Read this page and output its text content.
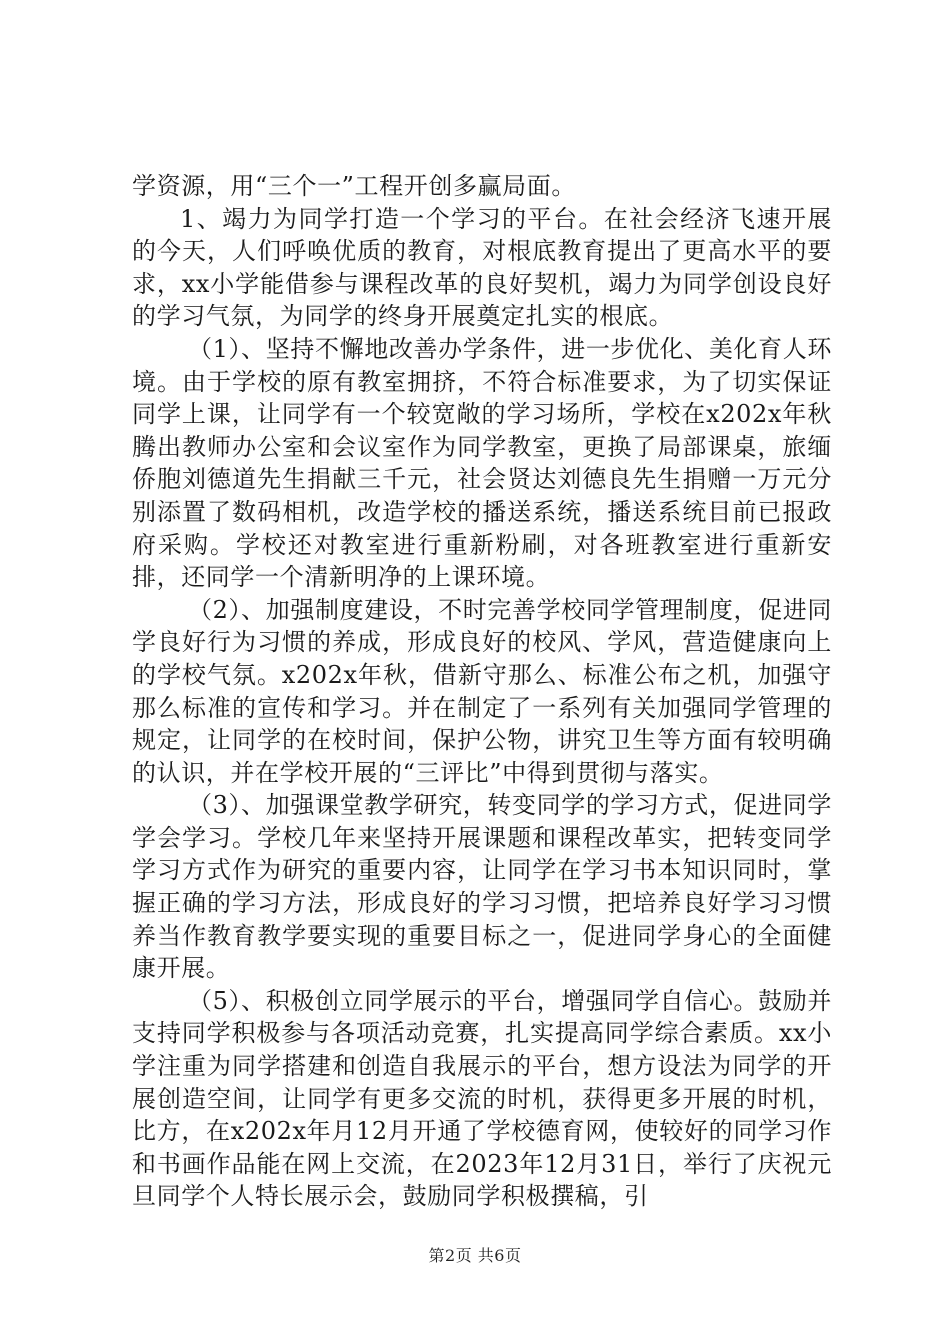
学资源，用“三个一”工程开创多赢局面。

1、竭力为同学打造一个学习的平台。在社会经济飞速开展的今天，人们呼唤优质的教育，对根底教育提出了更高水平的要求，xx小学能借参与课程改革的良好契机，竭力为同学创设良好的学习气氛，为同学的终身开展奠定扎实的根底。

（1）、坚持不懈地改善办学条件，进一步优化、美化育人环境。由于学校的原有教室拥挤，不符合标准要求，为了切实保证同学上课，让同学有一个较宽敞的学习场所，学校在x202x年秋腾出教师办公室和会议室作为同学教室，更换了局部课桌，旅缅侨胞刘德道先生捐献三千元，社会贤达刘德良先生捐赠一万元分别添置了数码相机，改造学校的播送系统，播送系统目前已报政府采购。学校还对教室进行重新粉刷，对各班教室进行重新安排，还同学一个清新明净的上课环境。

（2）、加强制度建设，不时完善学校同学管理制度，促进同学良好行为习惯的养成，形成良好的校风、学风，营造健康向上的学校气氛。x202x年秋，借新守那么、标准公布之机，加强守那么标准的宣传和学习。并在制定了一系列有关加强同学管理的规定，让同学的在校时间，保护公物，讲究卫生等方面有较明确的认识，并在学校开展的“三评比”中得到贯彻与落实。

（3）、加强课堂教学研究，转变同学的学习方式，促进同学学会学习。学校几年来坚持开展课题和课程改革实，把转变同学学习方式作为研究的重要内容，让同学在学习书本知识同时，掌握正确的学习方法，形成良好的学习习惯，把培养良好学习习惯养当作教育教学要实现的重要目标之一，促进同学身心的全面健康开展。

（5）、积极创立同学展示的平台，增强同学自信心。鼓励并支持同学积极参与各项活动竞赛，扎实提高同学综合素质。xx小学注重为同学搭建和创造自我展示的平台，想方设法为同学的开展创造空间，让同学有更多交流的时机，获得更多开展的时机，比方，在x202x年月12月开通了学校德育网，使较好的同学习作和书画作品能在网上交流，在2023年12月31日，举行了庆祝元旦同学个人特长展示会，鼓励同学积极撰稿，引

第2页 共6页
